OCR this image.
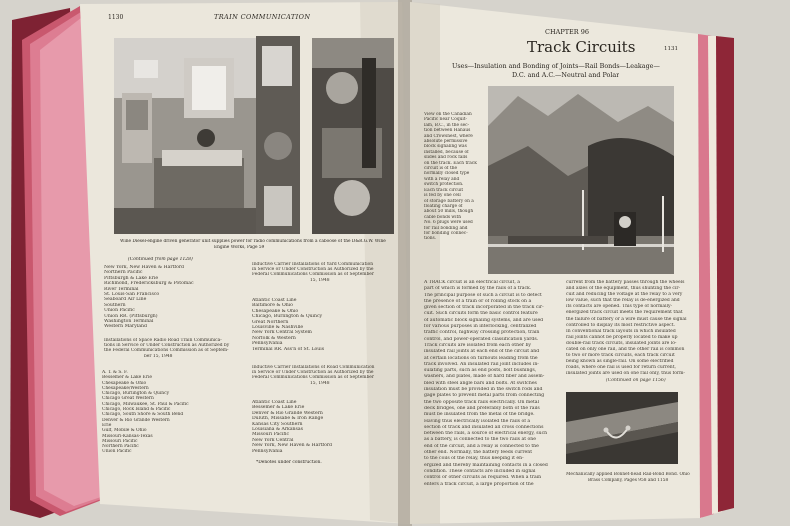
1130	TRAIN COMMUNICATION
Wine Diesel-engine driven generator unit supplies power for radio communications from a caboose of the D&R.G.W. Wine
Engine Works, Page 59
(Continued from page 1128)
New York, New Haven & Hartford
Northern Pacific
Pittsburgh & Lake Erie
Richmond, Fredericksburg & Potomac
River Terminal
St. Louis-San Francisco
Seaboard Air Line
Southern
Union Pacific
Union RR. (Pittsburgh)
Washington Terminal
Western Maryland
Installations of Space Radio Road Train Communica-
tions in Service or Under Construction as Authorized by
the Federal Communications Commission as of Septem-
ber 15, 1948
A. T. & S. F.
Bessemer & Lake Erie
Chesapeake & Ohio
Chesapeake/Western
Chicago, Burlington & Quincy
Chicago Great Western
Chicago, Milwaukee, St. Paul & Pacific
Chicago, Rock Island & Pacific
Chicago, South Shore & South Bend
Denver & Rio Grande Western
Erie
Gulf, Mobile & Ohio
Missouri-Kansas-Texas
Missouri Pacific
Northern Pacific
Union Pacific
Inductive Carrier Installations of Yard Communication
in Service or Under Construction as Authorized by the
Federal Communications Commission as of September
15, 1948
Atlantic Coast Line
Baltimore & Ohio
Chesapeake & Ohio
Chicago, Burlington & Quincy
Great Northern
Louisville & Nashville
New York Central System
Norfolk & Western
Pennsylvania
Terminal RR. Ass'n of St. Louis
Inductive Carrier Installations of Road Communication
in Service or Under Construction as Authorized by the
Federal Communications Commission as of September
15, 1948
Atlantic Coast Line
Bessemer & Lake Erie
Denver & Rio Grande Western
Duluth, Missabe & Iron Range
Kansas City Southern
Louisiana & Arkansas
Missouri Pacific
New York Central
New York, New Haven & Hartford
Pennsylvania
*Denotes under construction.
CHAPTER 96
1131
Track Circuits
Uses—Insulation and Bonding of Joints—Rail Bonds—Leakage—
D.C. and A.C.—Neutral and Polar
View on the Canadian
Pacific near Coquit-
lam, B.C., in the sec-
tion between Hanaus
and Crowsnest, where
absolute permissive
block signaling was
installed, because of
slides and rock falls
on the track. Each track
circuit is of the
normally closed type
with a relay and
switch protection.
Each track circuit
is fed by one cell
of storage battery on a
floating charge of
about 50 mills, though
cable bonds with
No. 6 plugs were used
for rail bonding and
for bonding connec-
tions.
A TRACK circuit is an electrical circuit, a
part of which is formed by the rails of a track.
The principal purpose of such a circuit is to detect
the presence of a train or of rolling stock on a
given section of track incorporated in the track cir-
cuit. Such circuits form the basic control feature
of automatic block signaling systems, and are used
for various purposes in interlocking, centralized
traffic control, highway crossing protection, train
control, and power-operated classification yards.
Track circuits are isolated from each other by
insulated rail joints at each end of the circuit and
at certain locations on turnouts leading from the
track involved. An insulated rail joint includes in-
sulating parts, such as end posts, bolt bushings,
washers, and plates, made of hard fiber and assem-
bled with steel angle bars and bolts. At switches
insulation must be provided in the switch rods and
gage plates to prevent metal parts from connecting
the two opposite track rails electrically. On metal
deck bridges, one and preferably both of the rails
must be insulated from the metal of the bridge.
Having thus electrically isolated the rails of a
section of track and insulated all cross connections
between the rails, a source of electrical energy, such
as a battery, is connected to the two rails at one
end of the circuit, and a relay is connected to the
other end. Normally, the battery feeds current
to the coils of the relay, thus keeping it en-
ergized and thereby maintaining contacts in a closed
condition. These contacts are included in signal
control or other circuits as required. When a train
enters a track circuit, a large proportion of the
current from the battery passes through the wheels
and axles of the equipment, thus shunting the cir-
cuit and reducing the voltage at the relay to a very
low value, such that the relay is de-energized and
its contacts are opened. This type of normally-
energized track circuit meets the requirement that
the failure of battery or a wire must cause the signal
controlled to display its most restrictive aspect.
In conventional track layouts in which insulated
rail joints cannot be properly located to make up
double-rail track circuits, insulated joints are lo-
cated on only one rail, and the other rail is common
to two or more track circuits, each track circuit
being known as single-rail. On some electrified
roads, where one rail is used for return current,
insulated joints are used on one rail only, thus form-
(Continued on page 1156)
Mechanically applied Bonnet-head Rail-Bond Bond. Ohio
Brass Company, Pages 958 and 1158
